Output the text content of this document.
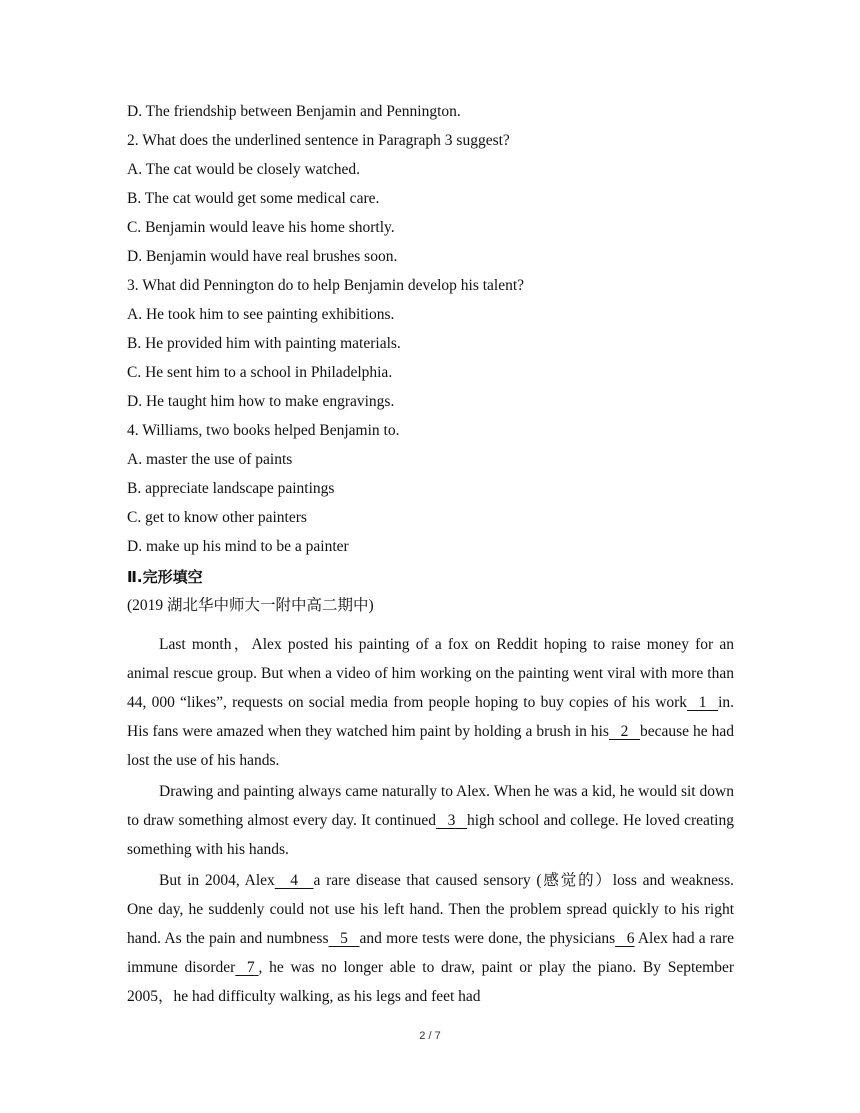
D. The friendship between Benjamin and Pennington.
2. What does the underlined sentence in Paragraph 3 suggest?
A. The cat would be closely watched.
B. The cat would get some medical care.
C. Benjamin would leave his home shortly.
D. Benjamin would have real brushes soon.
3. What did Pennington do to help Benjamin develop his talent?
A. He took him to see painting exhibitions.
B. He provided him with painting materials.
C. He sent him to a school in Philadelphia.
D. He taught him how to make engravings.
4. Williams, two books helped Benjamin to.
A. master the use of paints
B. appreciate landscape paintings
C. get to know other painters
D. make up his mind to be a painter
Ⅱ.完形填空
(2019 湖北华中师大一附中高二期中)
Last month，Alex posted his painting of a fox on Reddit hoping to raise money for an animal rescue group. But when a video of him working on the painting went viral with more than 44, 000 “likes”, requests on social media from people hoping to buy copies of his work 1 in. His fans were amazed when they watched him paint by holding a brush in his 2 because he had lost the use of his hands.
Drawing and painting always came naturally to Alex. When he was a kid, he would sit down to draw something almost every day. It continued 3 high school and college. He loved creating something with his hands.
But in 2004, Alex 4 a rare disease that caused sensory (感觉的）loss and weakness. One day, he suddenly could not use his left hand. Then the problem spread quickly to his right hand. As the pain and numbness 5 and more tests were done, the physicians 6 Alex had a rare immune disorder 7 , he was no longer able to draw, paint or play the piano. By September 2005，he had difficulty walking, as his legs and feet had
2 / 7
